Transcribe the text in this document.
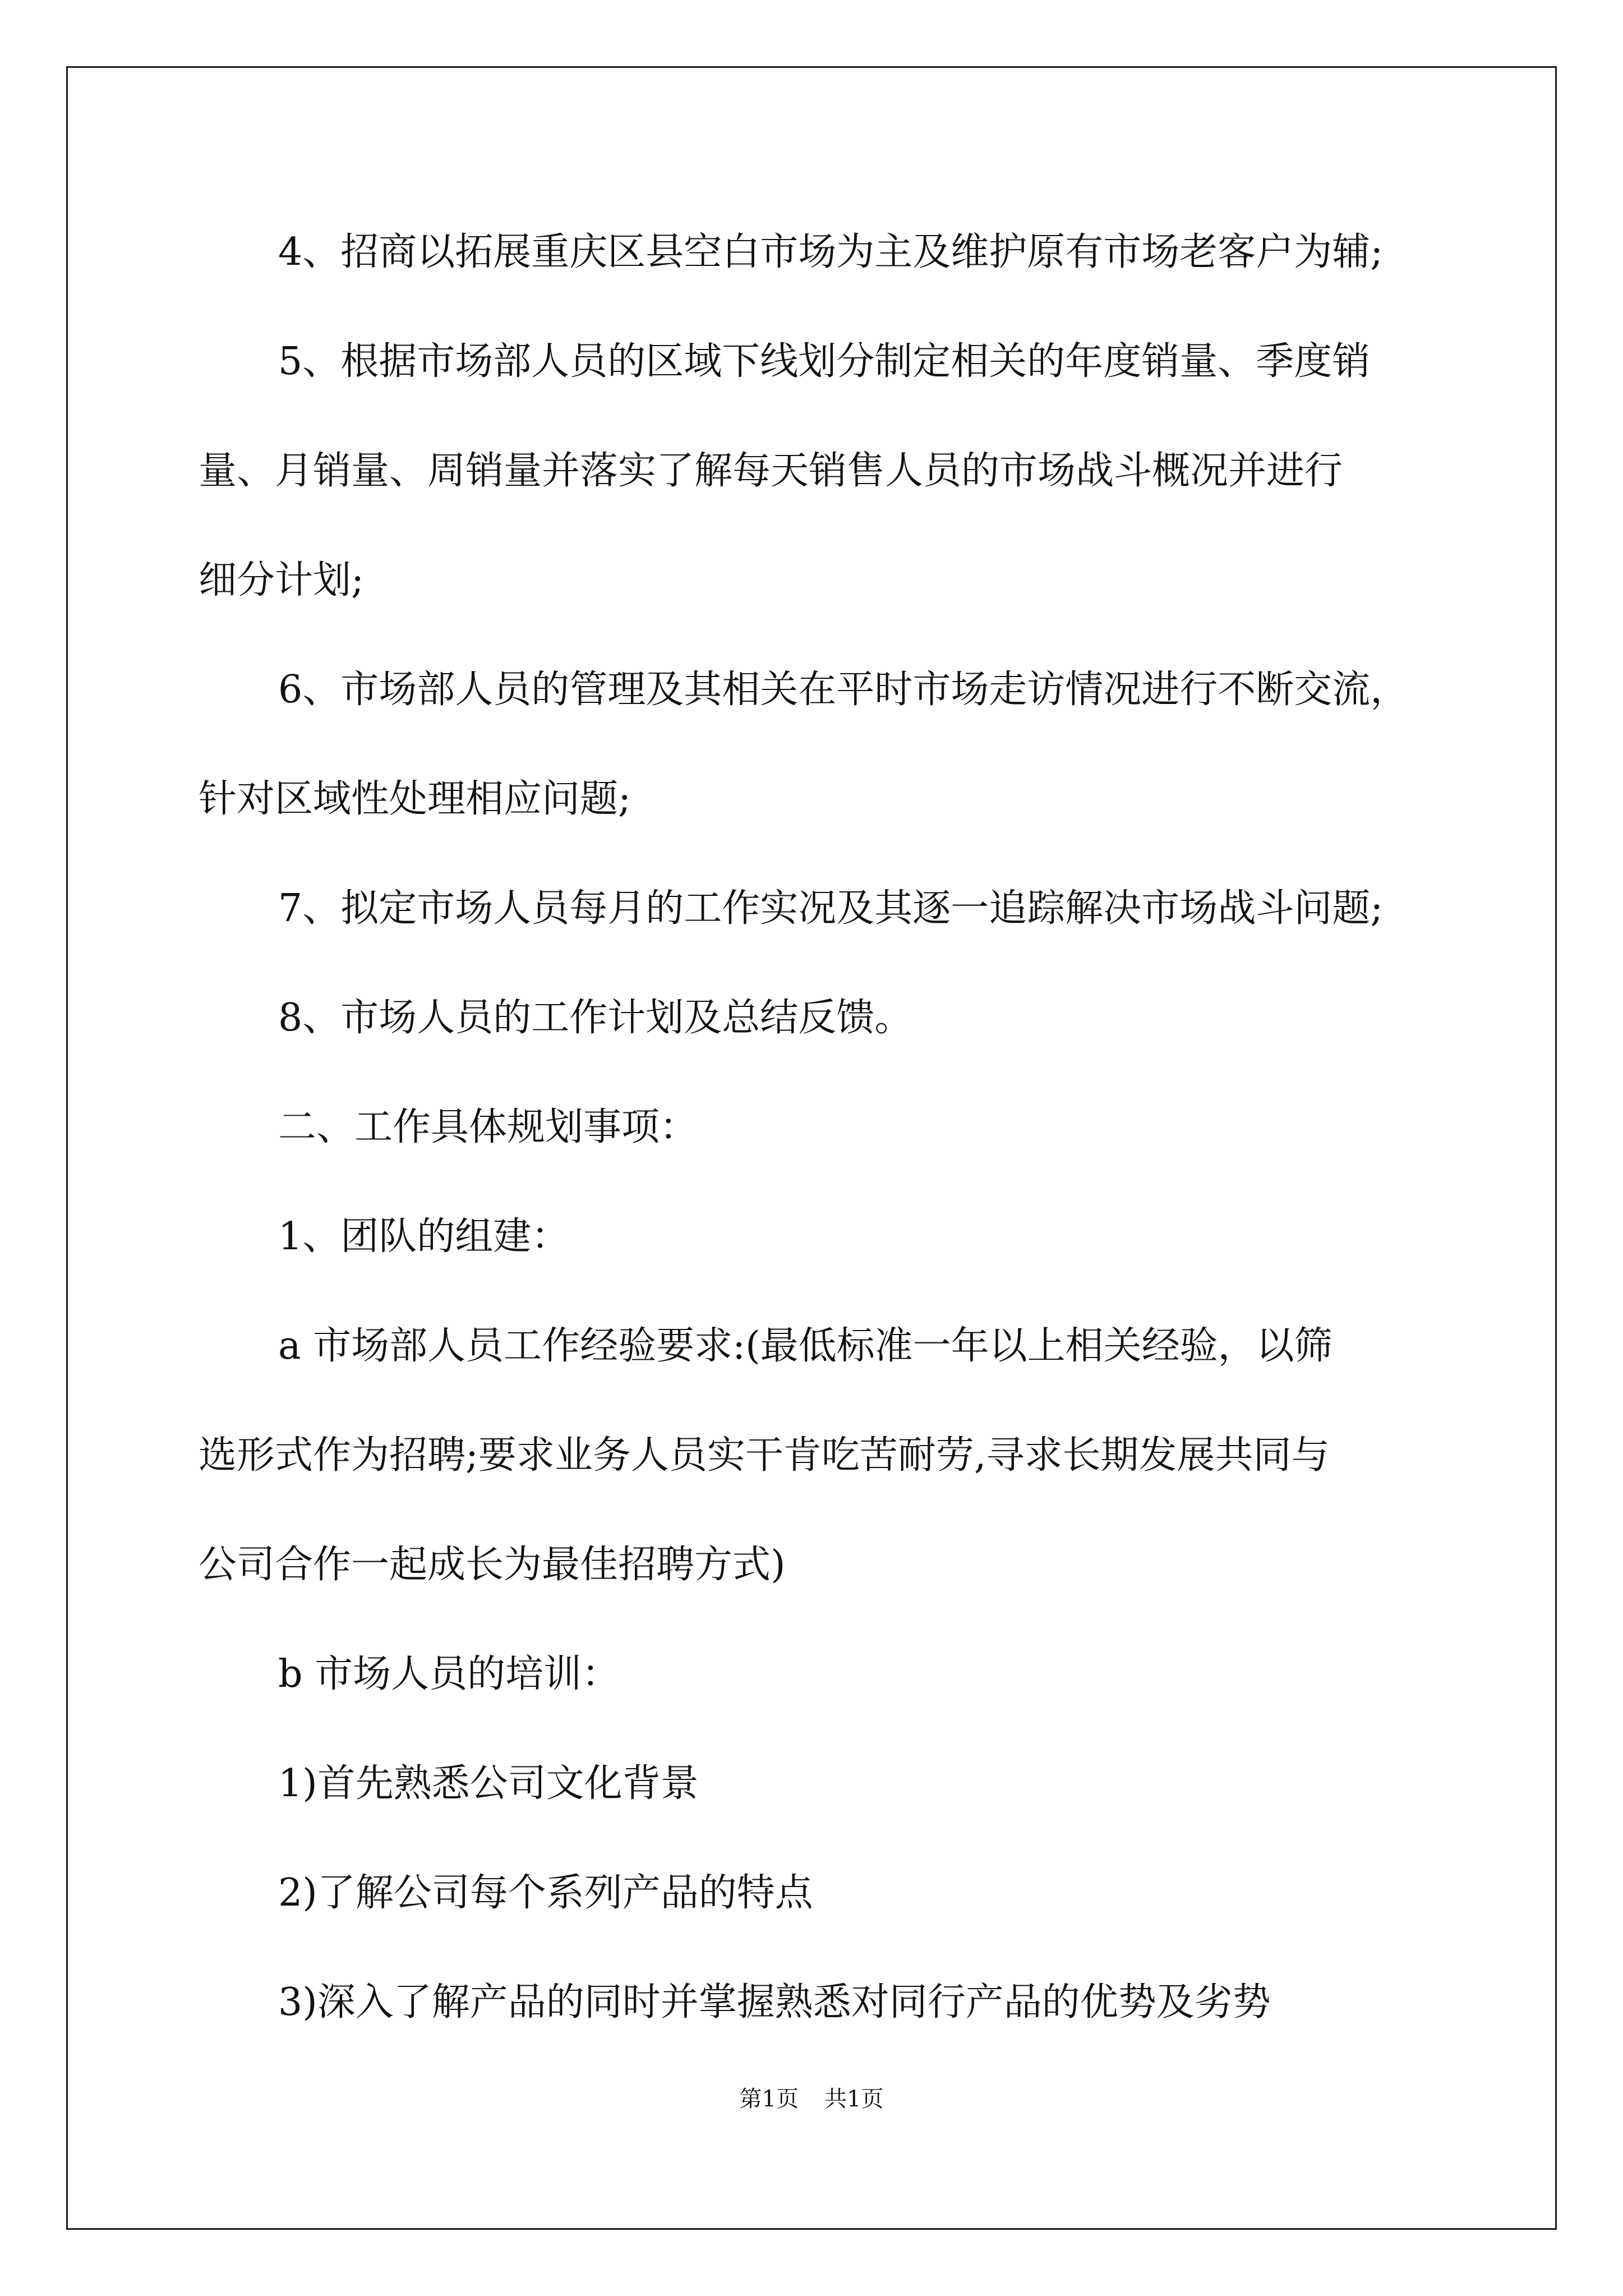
4、招商以拓展重庆区县空白市场为主及维护原有市场老客户为辅;
5、根据市场部人员的区域下线划分制定相关的年度销量、季度销
量、月销量、周销量并落实了解每天销售人员的市场战斗概况并进行
细分计划;
6、市场部人员的管理及其相关在平时市场走访情况进行不断交流，
针对区域性处理相应问题;
7、拟定市场人员每月的工作实况及其逐一追踪解决市场战斗问题;
8、市场人员的工作计划及总结反馈。
二、工作具体规划事项：
1、团队的组建：
a 市场部人员工作经验要求:(最低标准一年以上相关经验，以筛
选形式作为招聘;要求业务人员实干肯吃苦耐劳,寻求长期发展共同与
公司合作一起成长为最佳招聘方式)
b 市场人员的培训：
1)首先熟悉公司文化背景
2)了解公司每个系列产品的特点
3)深入了解产品的同时并掌握熟悉对同行产品的优势及劣势
第1页 共1页
